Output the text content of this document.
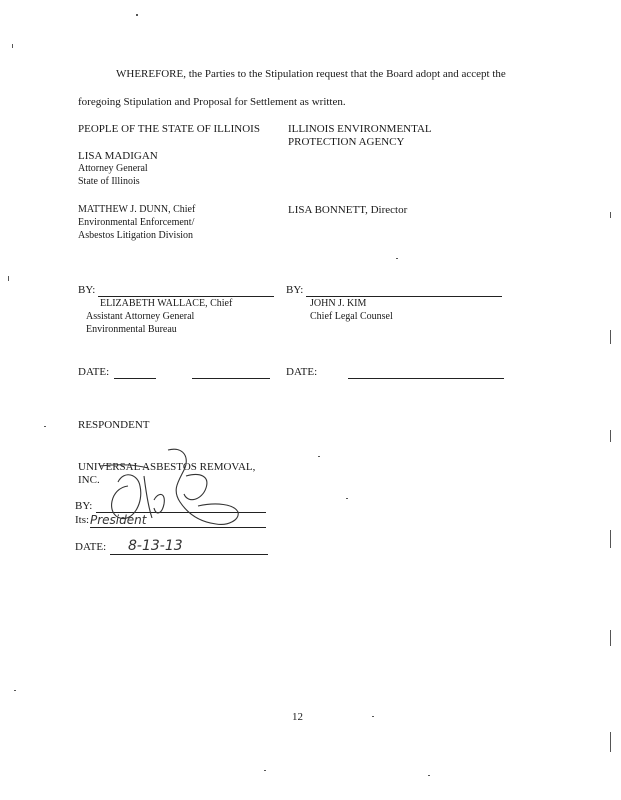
WHEREFORE, the Parties to the Stipulation request that the Board adopt and accept the
foregoing Stipulation and Proposal for Settlement as written.
PEOPLE OF THE STATE OF ILLINOIS
LISA MADIGAN
Attorney General
State of Illinois
MATTHEW J. DUNN, Chief
Environmental Enforcement/
Asbestos Litigation Division
BY:
ELIZABETH WALLACE, Chief
Assistant Attorney General
Environmental Bureau
DATE:
ILLINOIS ENVIRONMENTAL
PROTECTION AGENCY
LISA BONNETT, Director
BY:
JOHN J. KIM
Chief Legal Counsel
DATE:
RESPONDENT
UNIVERSAL ASBESTOS REMOVAL,
INC.
BY:
Its: President
DATE: 8-13-13
12
